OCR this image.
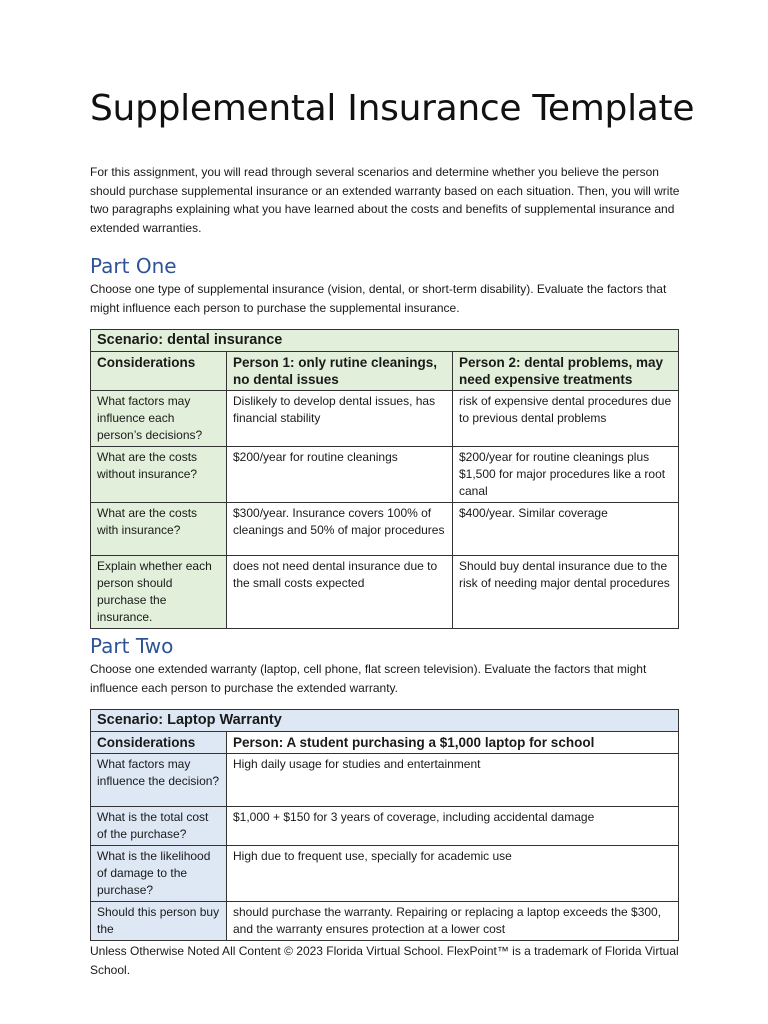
Supplemental Insurance Template

For this assignment, you will read through several scenarios and determine whether you believe the person should purchase supplemental insurance or an extended warranty based on each situation. Then, you will write two paragraphs explaining what you have learned about the costs and benefits of supplemental insurance and extended warranties.

Part One

Choose one type of supplemental insurance (vision, dental, or short-term disability). Evaluate the factors that might influence each person to purchase the supplemental insurance.

Scenario: dental insurance		
Considerations	Person 1: only rutine cleanings, no dental issues	Person 2: dental problems, may need expensive treatments
What factors may influence each person’s decisions?	Dislikely to develop dental issues, has financial stability	risk of expensive dental procedures due to previous dental problems
What are the costs without insurance?	$200/year for routine cleanings	$200/year for routine cleanings plus $1,500 for major procedures like a root canal
What are the costs with insurance?	$300/year. Insurance covers 100% of cleanings and 50% of major procedures	$400/year. Similar coverage
Explain whether each person should purchase the insurance.	does not need dental insurance due to the small costs expected	Should buy dental insurance due to the risk of needing major dental procedures
Part Two

Choose one extended warranty (laptop, cell phone, flat screen television). Evaluate the factors that might influence each person to purchase the extended warranty.

Scenario: Laptop Warranty	
Considerations	Person: A student purchasing a $1,000 laptop for school
What factors may influence the decision?	High daily usage for studies and entertainment
What is the total cost of the purchase?	$1,000 + $150 for 3 years of coverage, including accidental damage
What is the likelihood of damage to the purchase?	High due to frequent use, specially for academic use
Should this person buy the	should purchase the warranty. Repairing or replacing a laptop exceeds the $300, and the warranty ensures protection at a lower cost

Unless Otherwise Noted All Content © 2023 Florida Virtual School. FlexPoint™ is a trademark of Florida Virtual School.
